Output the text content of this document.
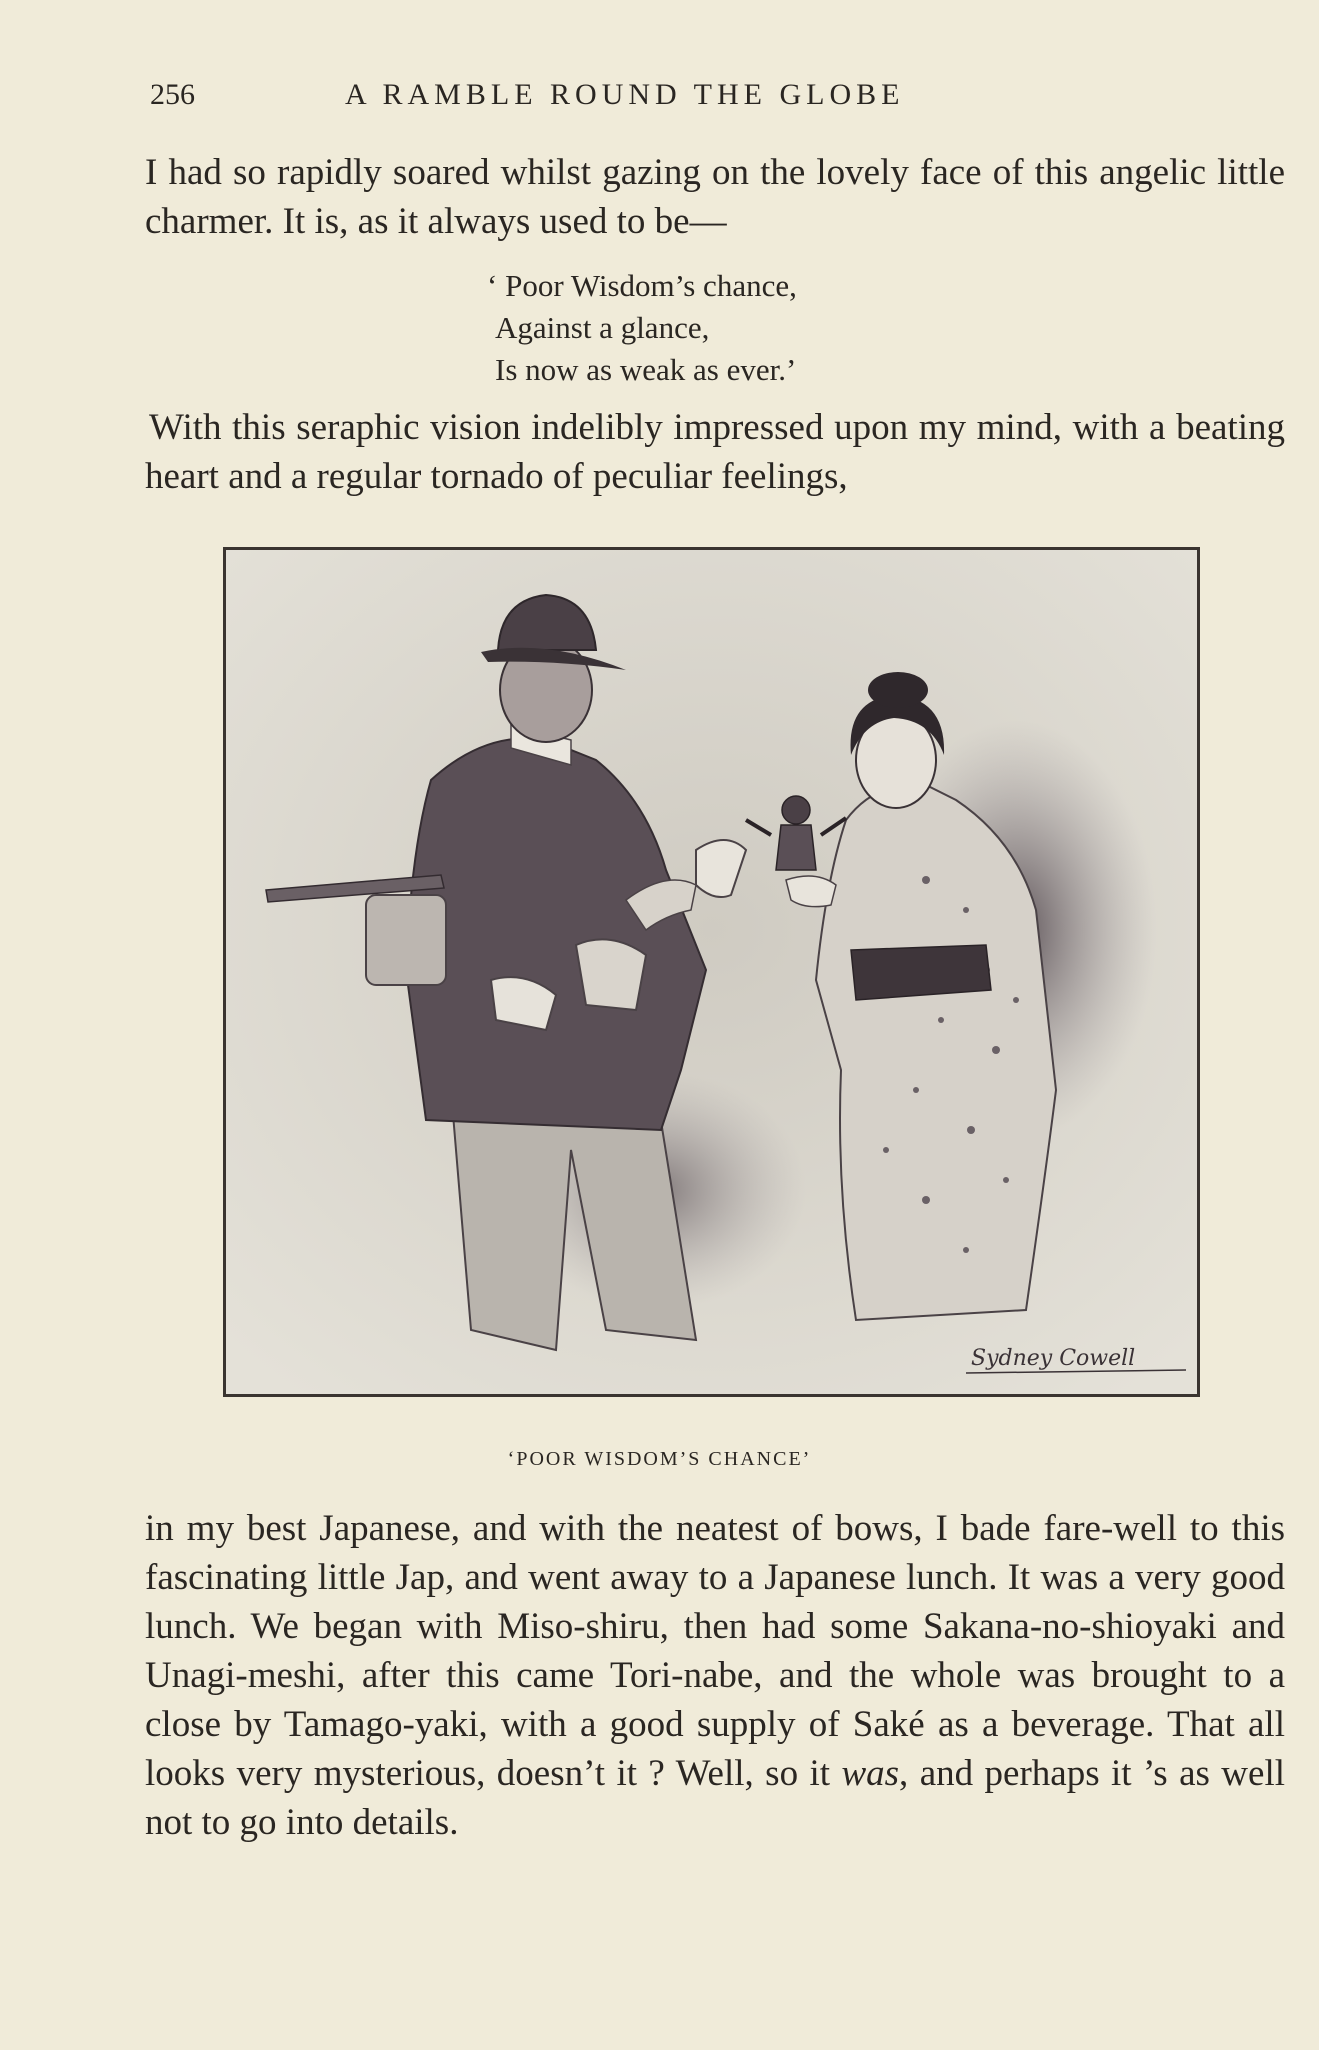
256	A RAMBLE ROUND THE GLOBE

I had so rapidly soared whilst gazing on the lovely face of this angelic little charmer. It is, as it always used to be—

‘ Poor Wisdom’s chance,
Against a glance,
Is now as weak as ever.’

With this seraphic vision indelibly impressed upon my mind, with a beating heart and a regular tornado of peculiar feelings,

Sydney Cowell
‘POOR WISDOM’S CHANCE’

in my best Japanese, and with the neatest of bows, I bade fare-well to this fascinating little Jap, and went away to a Japanese lunch. It was a very good lunch. We began with Miso-shiru, then had some Sakana-no-shioyaki and Unagi-meshi, after this came Tori-nabe, and the whole was brought to a close by Tamago-yaki, with a good supply of Saké as a beverage. That all looks very mysterious, doesn’t it ? Well, so it was, and perhaps it ’s as well not to go into details.
